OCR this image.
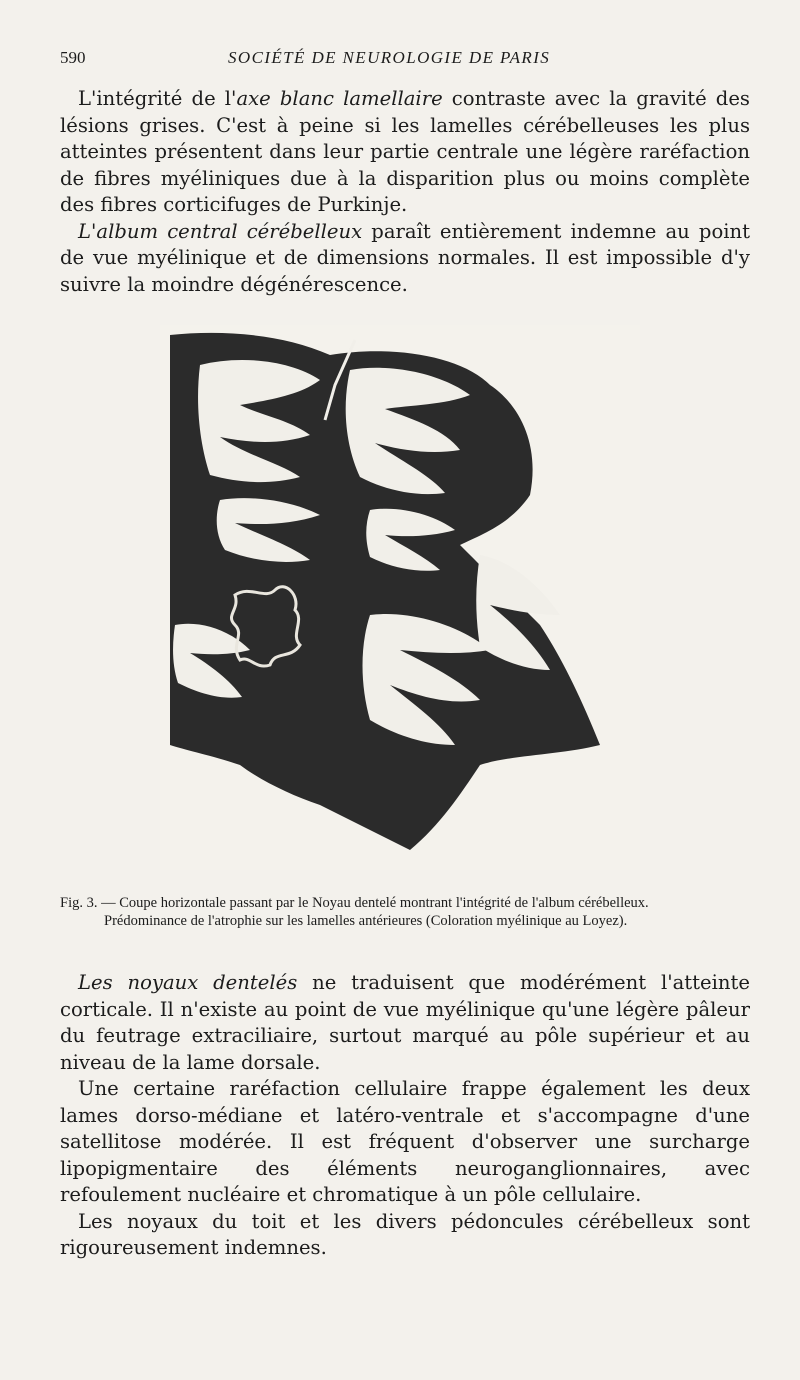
590	SOCIÉTÉ DE NEUROLOGIE DE PARIS

L'intégrité de l'axe blanc lamellaire contraste avec la gravité des lésions grises. C'est à peine si les lamelles cérébelleuses les plus atteintes présentent dans leur partie centrale une légère raréfaction de fibres myéliniques due à la disparition plus ou moins complète des fibres corticifuges de Purkinje.

L'album central cérébelleux paraît entièrement indemne au point de vue myélinique et de dimensions normales. Il est impossible d'y suivre la moindre dégénérescence.

Fig. 3. — Coupe horizontale passant par le Noyau dentelé montrant l'intégrité de l'album cérébelleux.

Prédominance de l'atrophie sur les lamelles antérieures (Coloration myélinique au Loyez).

Les noyaux dentelés ne traduisent que modérément l'atteinte corticale. Il n'existe au point de vue myélinique qu'une légère pâleur du feutrage extraciliaire, surtout marqué au pôle supérieur et au niveau de la lame dorsale.

Une certaine raréfaction cellulaire frappe également les deux lames dorso-médiane et latéro-ventrale et s'accompagne d'une satellitose modérée. Il est fréquent d'observer une surcharge lipopigmentaire des éléments neuroganglionnaires, avec refoulement nucléaire et chromatique à un pôle cellulaire.

Les noyaux du toit et les divers pédoncules cérébelleux sont rigoureusement indemnes.
